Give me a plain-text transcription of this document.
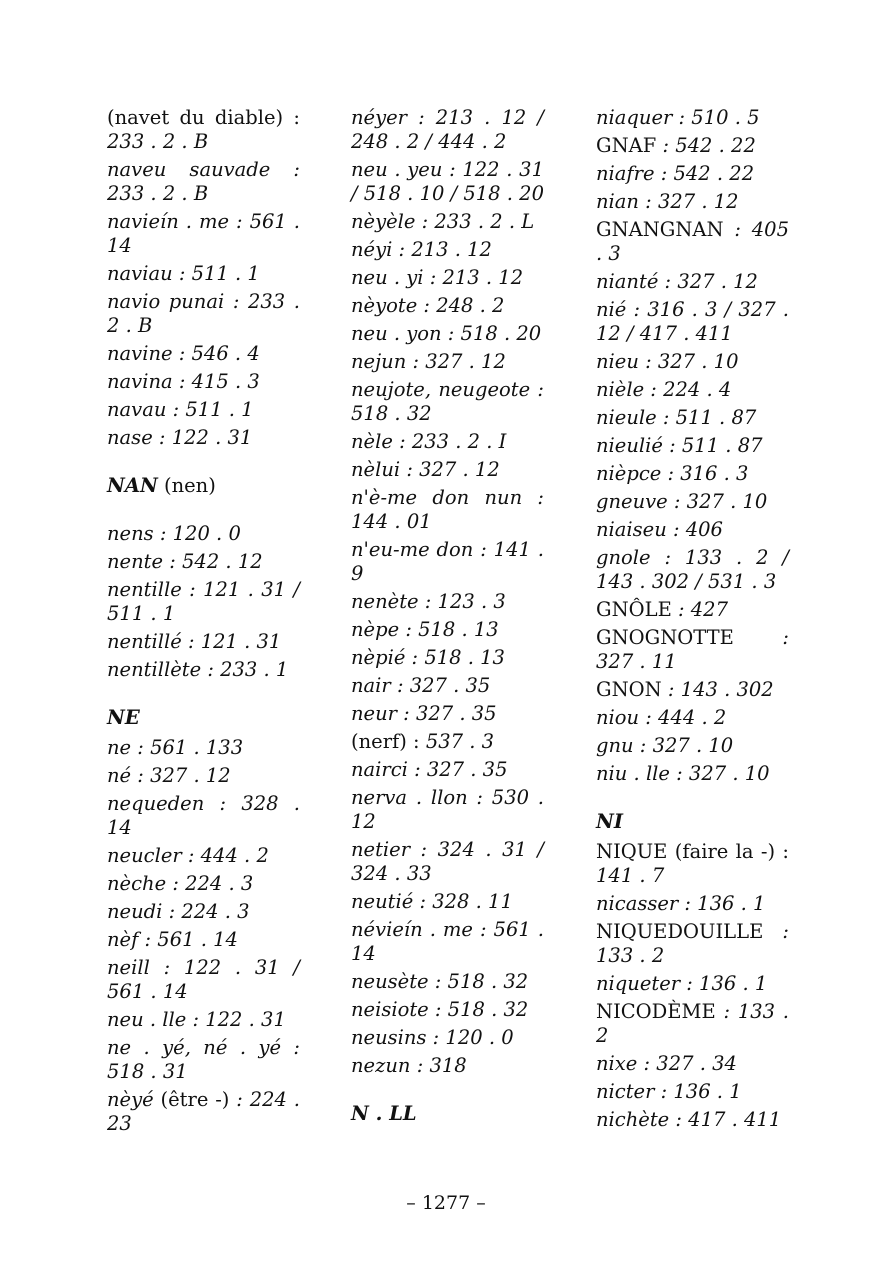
(navet du diable) : 233 . 2 . B
naveu sauvade : 233 . 2 . B
navieín . me : 561 . 14
naviau : 511 . 1
navio punai : 233 . 2 . B
navine : 546 . 4
navina : 415 . 3
navau : 511 . 1
nase : 122 . 31
NAN (nen)
nens : 120 . 0
nente : 542 . 12
nentille : 121 . 31 / 511 . 1
nentillé : 121 . 31
nentillète : 233 . 1
NE
ne : 561 . 133
né : 327 . 12
nequeden : 328 . 14
neucler : 444 . 2
nèche : 224 . 3
neudi : 224 . 3
nèf : 561 . 14
neill : 122 . 31 / 561 . 14
neu . lle : 122 . 31
ne . yé, né . yé : 518 . 31
nèyé (être -) : 224 . 23
néyer : 213 . 12 / 248 . 2 / 444 . 2
neu . yeu : 122 . 31 / 518 . 10 / 518 . 20
nèyèle : 233 . 2 . L
néyi : 213 . 12
neu . yi : 213 . 12
nèyote : 248 . 2
neu . yon : 518 . 20
nejun : 327 . 12
neujote, neugeote : 518 . 32
nèle : 233 . 2 . I
nèlui : 327 . 12
n'è-me don nun : 144 . 01
n'eu-me don : 141 . 9
nenète : 123 . 3
nèpe : 518 . 13
nèpié : 518 . 13
nair : 327 . 35
neur : 327 . 35
(nerf) : 537 . 3
nairci : 327 . 35
nerva . llon : 530 . 12
netier : 324 . 31 / 324 . 33
neutié : 328 . 11
névieín . me : 561 . 14
neusète : 518 . 32
neisiote : 518 . 32
neusins : 120 . 0
nezun : 318
N . LL
niaquer : 510 . 5
GNAF : 542 . 22
niafre : 542 . 22
nian : 327 . 12
GNANGNAN : 405 . 3
nianté : 327 . 12
nié : 316 . 3 / 327 . 12 / 417 . 411
nieu : 327 . 10
nièle : 224 . 4
nieule : 511 . 87
nieulié : 511 . 87
nièpce : 316 . 3
gneuve : 327 . 10
niaiseu : 406
gnole : 133 . 2 / 143 . 302 / 531 . 3
GNÔLE : 427
GNOGNOTTE : 327 . 11
GNON : 143 . 302
niou : 444 . 2
gnu : 327 . 10
niu . lle : 327 . 10
NI
NIQUE (faire la -) : 141 . 7
nicasser : 136 . 1
NIQUEDOUILLE : 133 . 2
niqueter : 136 . 1
NICODÈME : 133 . 2
nixe : 327 . 34
nicter : 136 . 1
nichète : 417 . 411
– 1277 –
